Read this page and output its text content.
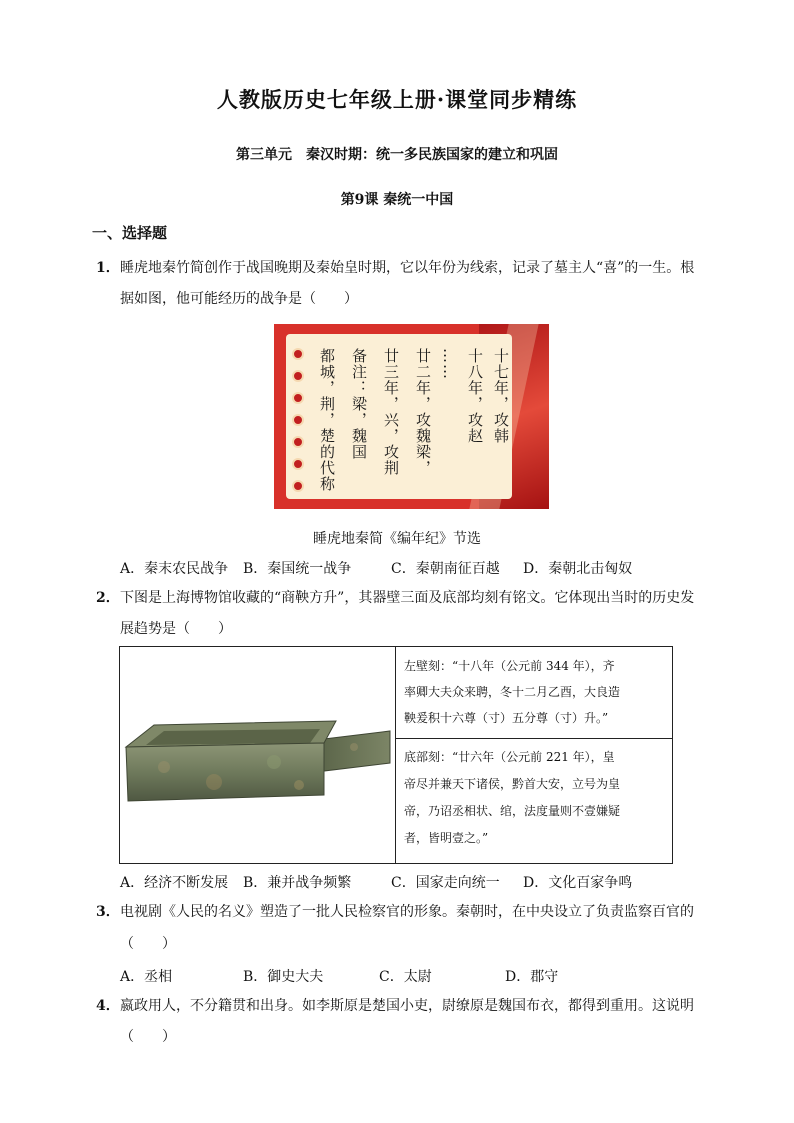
人教版历史七年级上册·课堂同步精练
第三单元　秦汉时期：统一多民族国家的建立和巩固
第9课 秦统一中国
一、选择题
1． 睡虎地秦竹简创作于战国晚期及秦始皇时期，它以年份为线索，记录了墓主人“喜”的一生。根
据如图，他可能经历的战争是（　　）
十七年，攻韩
十八年，攻赵
……
廿二年，攻魏梁，
廿三年，兴，攻荆
备注：梁，魏国
都城，荆，楚的代称
睡虎地秦简《编年纪》节选
A．秦末农民战争 B．秦国统一战争	C．秦朝南征百越 D．秦朝北击匈奴
2． 下图是上海博物馆收藏的“商鞅方升”，其器壁三面及底部均刻有铭文。它体现出当时的历史发
展趋势是（　　）
左壁刻：“十八年（公元前 344 年），齐
率卿大夫众来聘，冬十二月乙酉，大良造
鞅爰积十六尊（寸）五分尊（寸）升。”
底部刻：“廿六年（公元前 221 年），皇
帝尽并兼天下诸侯，黔首大安，立号为皇
帝，乃诏丞相状、绾，法度量则不壹嫌疑
者，皆明壹之。”
A．经济不断发展 B．兼并战争频繁	C．国家走向统一 D．文化百家争鸣
3． 电视剧《人民的名义》塑造了一批人民检察官的形象。秦朝时，在中央设立了负责监察百官的
（　　）
A．丞相	B．御史大夫	C．太尉	D．郡守
4． 嬴政用人，不分籍贯和出身。如李斯原是楚国小吏，尉缭原是魏国布衣，都得到重用。这说明
（　　）
